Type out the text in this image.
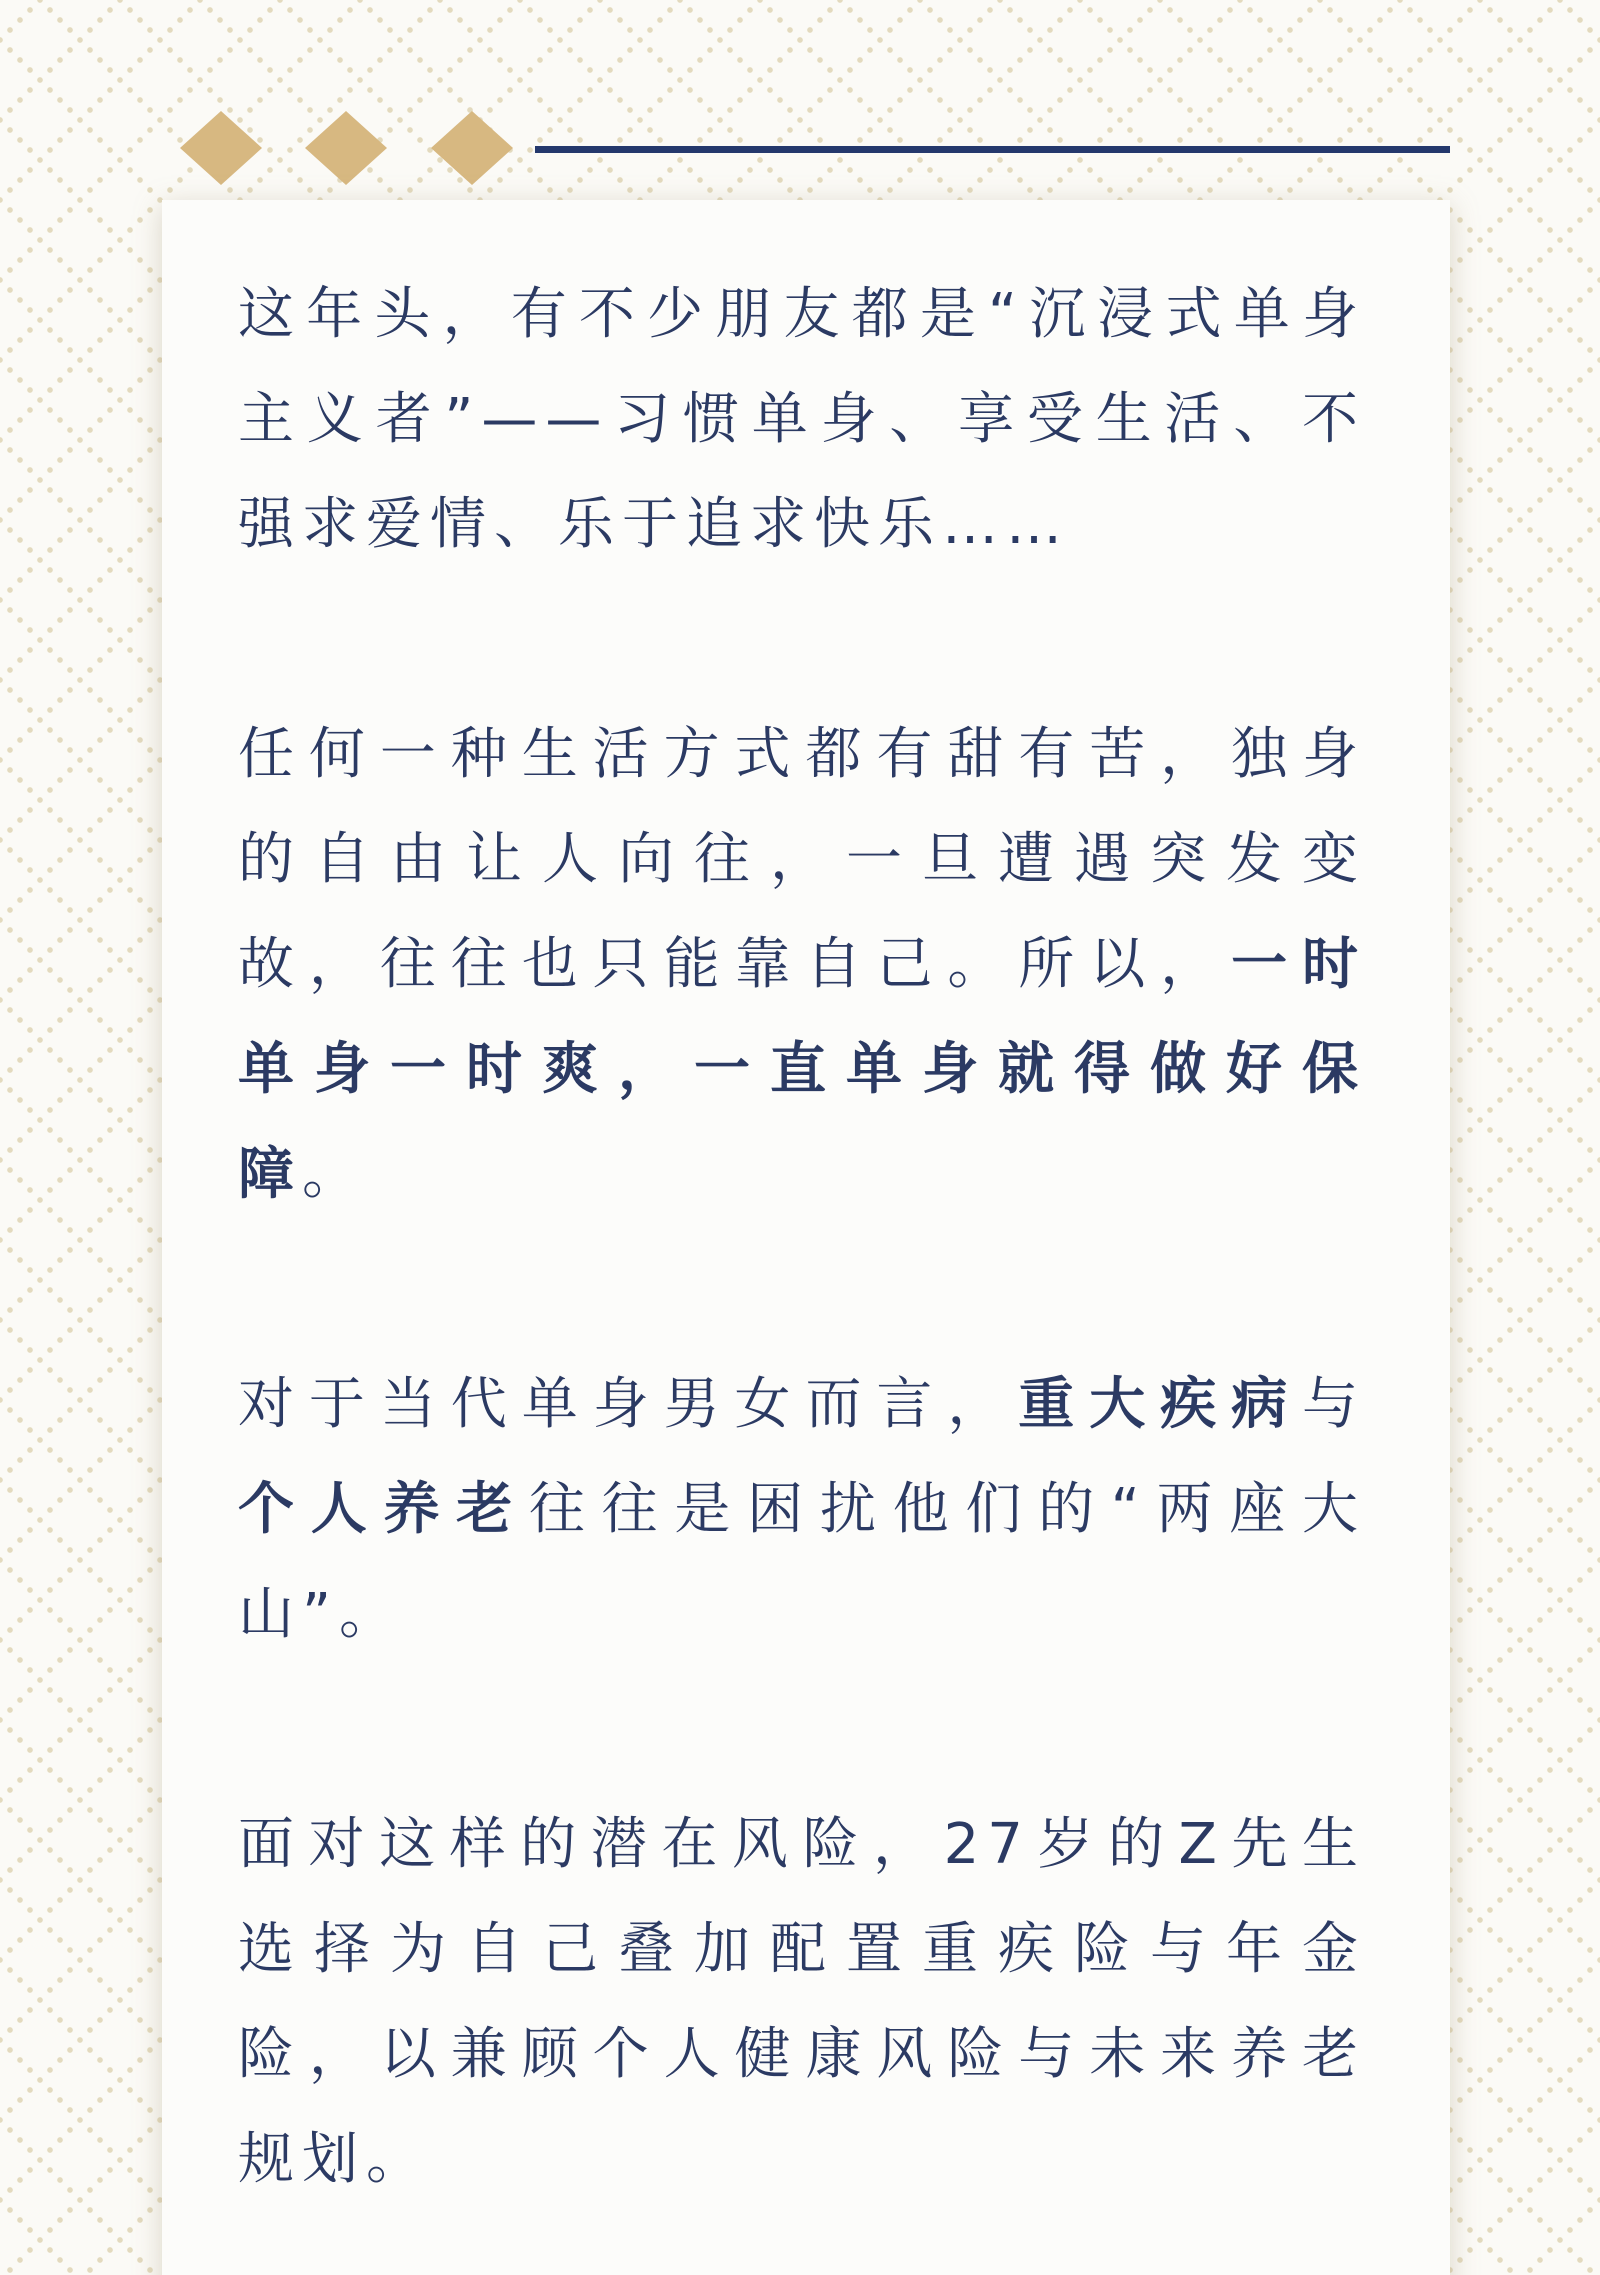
这年头，有不少朋友都是“沉浸式单身
主义者”——习惯单身、享受生活、不
强求爱情、乐于追求快乐……
任何一种生活方式都有甜有苦，独身
的自由让人向往，一旦遭遇突发变
故，往往也只能靠自己。所以，一时
单身一时爽，一直单身就得做好保
障。
对于当代单身男女而言，重大疾病与
个人养老往往是困扰他们的“两座大
山”。
面对这样的潜在风险，27岁的Z先生
选择为自己叠加配置重疾险与年金
险，以兼顾个人健康风险与未来养老
规划。
